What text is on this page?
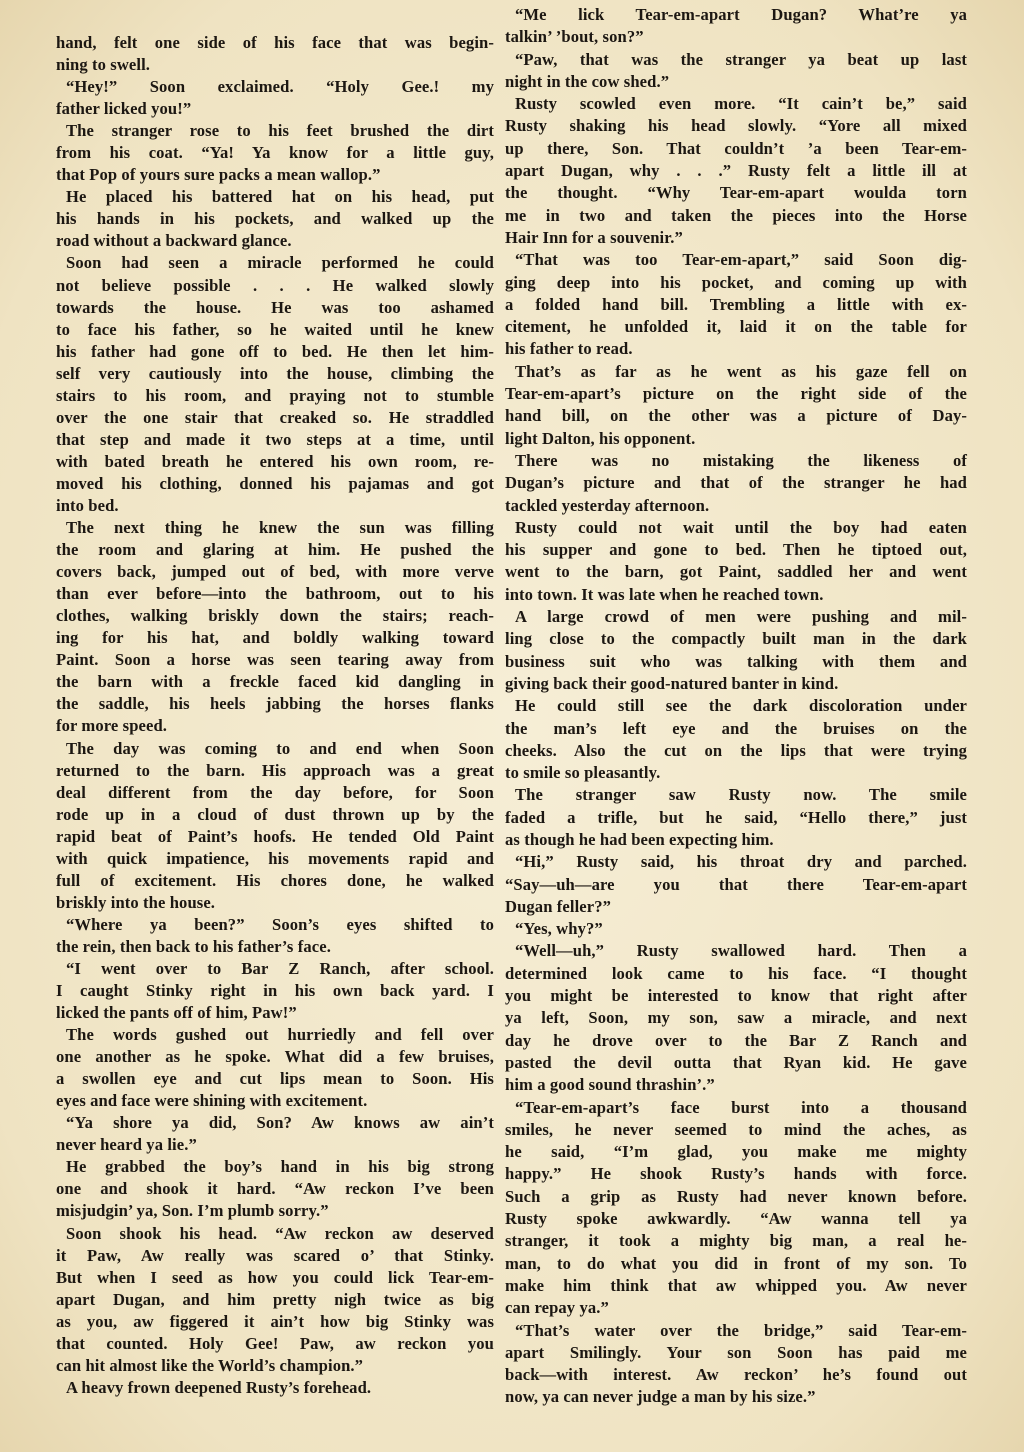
hand, felt one side of his face that was begin-
ning to swell.
“Hey!” Soon exclaimed. “Holy Gee.! my
father licked you!”
The stranger rose to his feet brushed the dirt
from his coat. “Ya! Ya know for a little guy,
that Pop of yours sure packs a mean wallop.”
He placed his battered hat on his head, put
his hands in his pockets, and walked up the
road without a backward glance.
Soon had seen a miracle performed he could
not believe possible . . . He walked slowly
towards the house. He was too ashamed
to face his father, so he waited until he knew
his father had gone off to bed. He then let him-
self very cautiously into the house, climbing the
stairs to his room, and praying not to stumble
over the one stair that creaked so. He straddled
that step and made it two steps at a time, until
with bated breath he entered his own room, re-
moved his clothing, donned his pajamas and got
into bed.
The next thing he knew the sun was filling
the room and glaring at him. He pushed the
covers back, jumped out of bed, with more verve
than ever before—into the bathroom, out to his
clothes, walking briskly down the stairs; reach-
ing for his hat, and boldly walking toward
Paint. Soon a horse was seen tearing away from
the barn with a freckle faced kid dangling in
the saddle, his heels jabbing the horses flanks
for more speed.
The day was coming to and end when Soon
returned to the barn. His approach was a great
deal different from the day before, for Soon
rode up in a cloud of dust thrown up by the
rapid beat of Paint’s hoofs. He tended Old Paint
with quick impatience, his movements rapid and
full of excitement. His chores done, he walked
briskly into the house.
“Where ya been?” Soon’s eyes shifted to
the rein, then back to his father’s face.
“I went over to Bar Z Ranch, after school.
I caught Stinky right in his own back yard. I
licked the pants off of him, Paw!”
The words gushed out hurriedly and fell over
one another as he spoke. What did a few bruises,
a swollen eye and cut lips mean to Soon. His
eyes and face were shining with excitement.
“Ya shore ya did, Son? Aw knows aw ain’t
never heard ya lie.”
He grabbed the boy’s hand in his big strong
one and shook it hard. “Aw reckon I’ve been
misjudgin’ ya, Son. I’m plumb sorry.”
Soon shook his head. “Aw reckon aw deserved
it Paw, Aw really was scared o’ that Stinky.
But when I seed as how you could lick Tear-em-
apart Dugan, and him pretty nigh twice as big
as you, aw figgered it ain’t how big Stinky was
that counted. Holy Gee! Paw, aw reckon you
can hit almost like the World’s champion.”
A heavy frown deepened Rusty’s forehead.
“Me lick Tear-em-apart Dugan? What’re ya
talkin’ ’bout, son?”
“Paw, that was the stranger ya beat up last
night in the cow shed.”
Rusty scowled even more. “It cain’t be,” said
Rusty shaking his head slowly. “Yore all mixed
up there, Son. That couldn’t ’a been Tear-em-
apart Dugan, why . . .” Rusty felt a little ill at
the thought. “Why Tear-em-apart woulda torn
me in two and taken the pieces into the Horse
Hair Inn for a souvenir.”
“That was too Tear-em-apart,” said Soon dig-
ging deep into his pocket, and coming up with
a folded hand bill. Trembling a little with ex-
citement, he unfolded it, laid it on the table for
his father to read.
That’s as far as he went as his gaze fell on
Tear-em-apart’s picture on the right side of the
hand bill, on the other was a picture of Day-
light Dalton, his opponent.
There was no mistaking the likeness of
Dugan’s picture and that of the stranger he had
tackled yesterday afternoon.
Rusty could not wait until the boy had eaten
his supper and gone to bed. Then he tiptoed out,
went to the barn, got Paint, saddled her and went
into town. It was late when he reached town.
A large crowd of men were pushing and mil-
ling close to the compactly built man in the dark
business suit who was talking with them and
giving back their good-natured banter in kind.
He could still see the dark discoloration under
the man’s left eye and the bruises on the
cheeks. Also the cut on the lips that were trying
to smile so pleasantly.
The stranger saw Rusty now. The smile
faded a trifle, but he said, “Hello there,” just
as though he had been expecting him.
“Hi,” Rusty said, his throat dry and parched.
“Say—uh—are you that there Tear-em-apart
Dugan feller?”
“Yes, why?”
“Well—uh,” Rusty swallowed hard. Then a
determined look came to his face. “I thought
you might be interested to know that right after
ya left, Soon, my son, saw a miracle, and next
day he drove over to the Bar Z Ranch and
pasted the devil outta that Ryan kid. He gave
him a good sound thrashin’.”
“Tear-em-apart’s face burst into a thousand
smiles, he never seemed to mind the aches, as
he said, “I’m glad, you make me mighty
happy.” He shook Rusty’s hands with force.
Such a grip as Rusty had never known before.
Rusty spoke awkwardly. “Aw wanna tell ya
stranger, it took a mighty big man, a real he-
man, to do what you did in front of my son. To
make him think that aw whipped you. Aw never
can repay ya.”
“That’s water over the bridge,” said Tear-em-
apart Smilingly. Your son Soon has paid me
back—with interest. Aw reckon’ he’s found out
now, ya can never judge a man by his size.”
